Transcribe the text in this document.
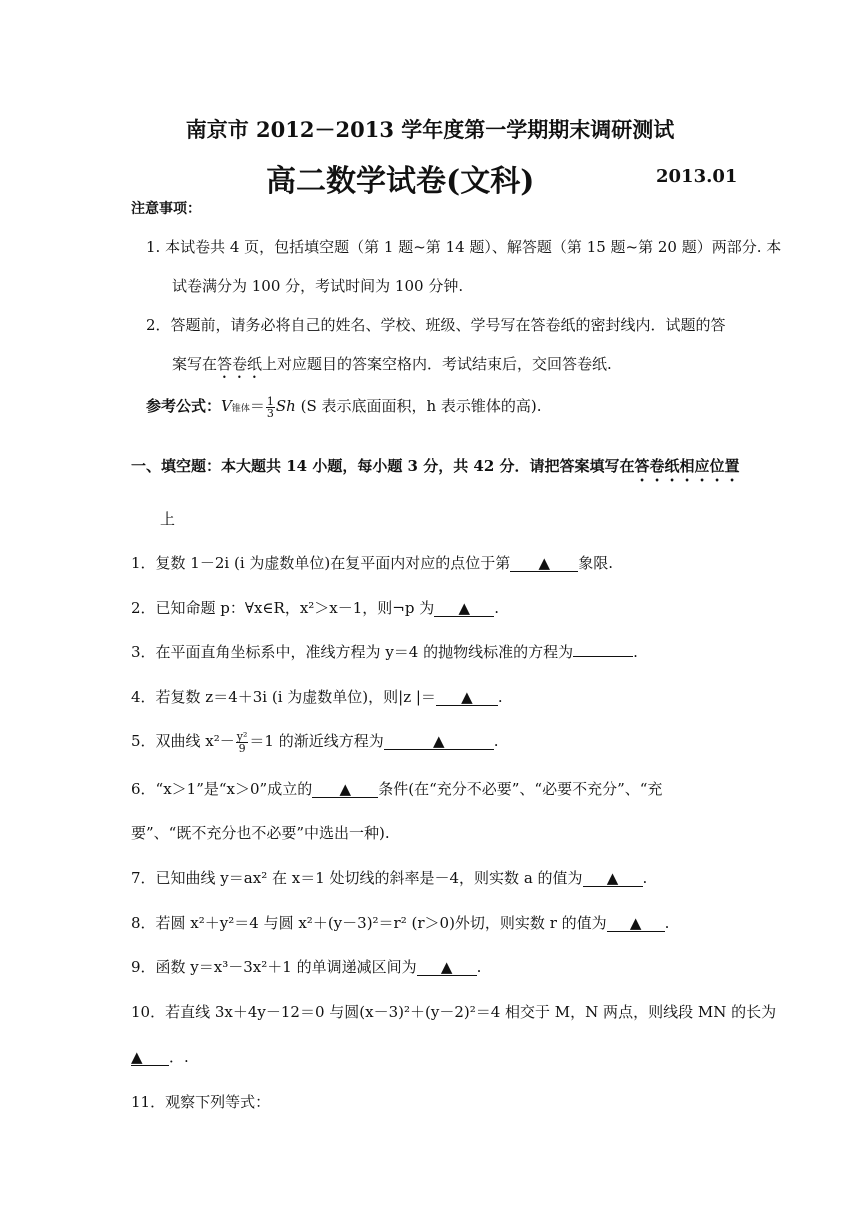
南京市 2012－2013 学年度第一学期期末调研测试
高二数学试卷(文科)	2013.01
注意事项：
1. 本试卷共 4 页，包括填空题（第 1 题~第 14 题）、解答题（第 15 题~第 20 题）两部分. 本
试卷满分为 100 分，考试时间为 100 分钟.
2．答题前，请务必将自己的姓名、学校、班级、学号写在答卷纸的密封线内．试题的答
案写在答卷纸上对应题目的答案空格内．考试结束后，交回答卷纸.
参考公式：V锥体＝ $\frac{1}{3}$ Sh (S 表示底面面积，h 表示锥体的高).
一、填空题：本大题共 14 小题，每小题 3 分，共 42 分．请把答案填写在答卷纸相应位置
上
1．复数 1－2i (i 为虚数单位)在复平面内对应的点位于第 ▲ 象限.
2．已知命题 p：∀x∈R，x²＞x－1，则¬p 为 ▲ .
3．在平面直角坐标系中，准线方程为 y＝4 的抛物线标准的方程为	.
4．若复数 z＝4＋3i (i 为虚数单位)，则|z |＝ ▲ .
5．双曲线 $x^2- \frac{\text{y²}}{9} =1$ 的渐近线方程为	▲	.
6．“x＞1”是“x＞0”成立的 ▲ 条件(在“充分不必要”、“必要不充分”、“充
要”、“既不充分也不必要”中选出一种).
7．已知曲线 y＝ax² 在 x＝1 处切线的斜率是－4，则实数 a 的值为 ▲ .
8．若圆 x²＋y²＝4 与圆 x²＋(y－3)²＝r² (r＞0)外切，则实数 r 的值为 ▲ .
9．函数 y＝x³－3x²＋1 的单调递减区间为 ▲ .
10．若直线 3x＋4y－12＝0 与圆(x－3)²＋(y－2)²＝4 相交于 M，N 两点，则线段 MN 的长为
▲ ．.
11．观察下列等式：
